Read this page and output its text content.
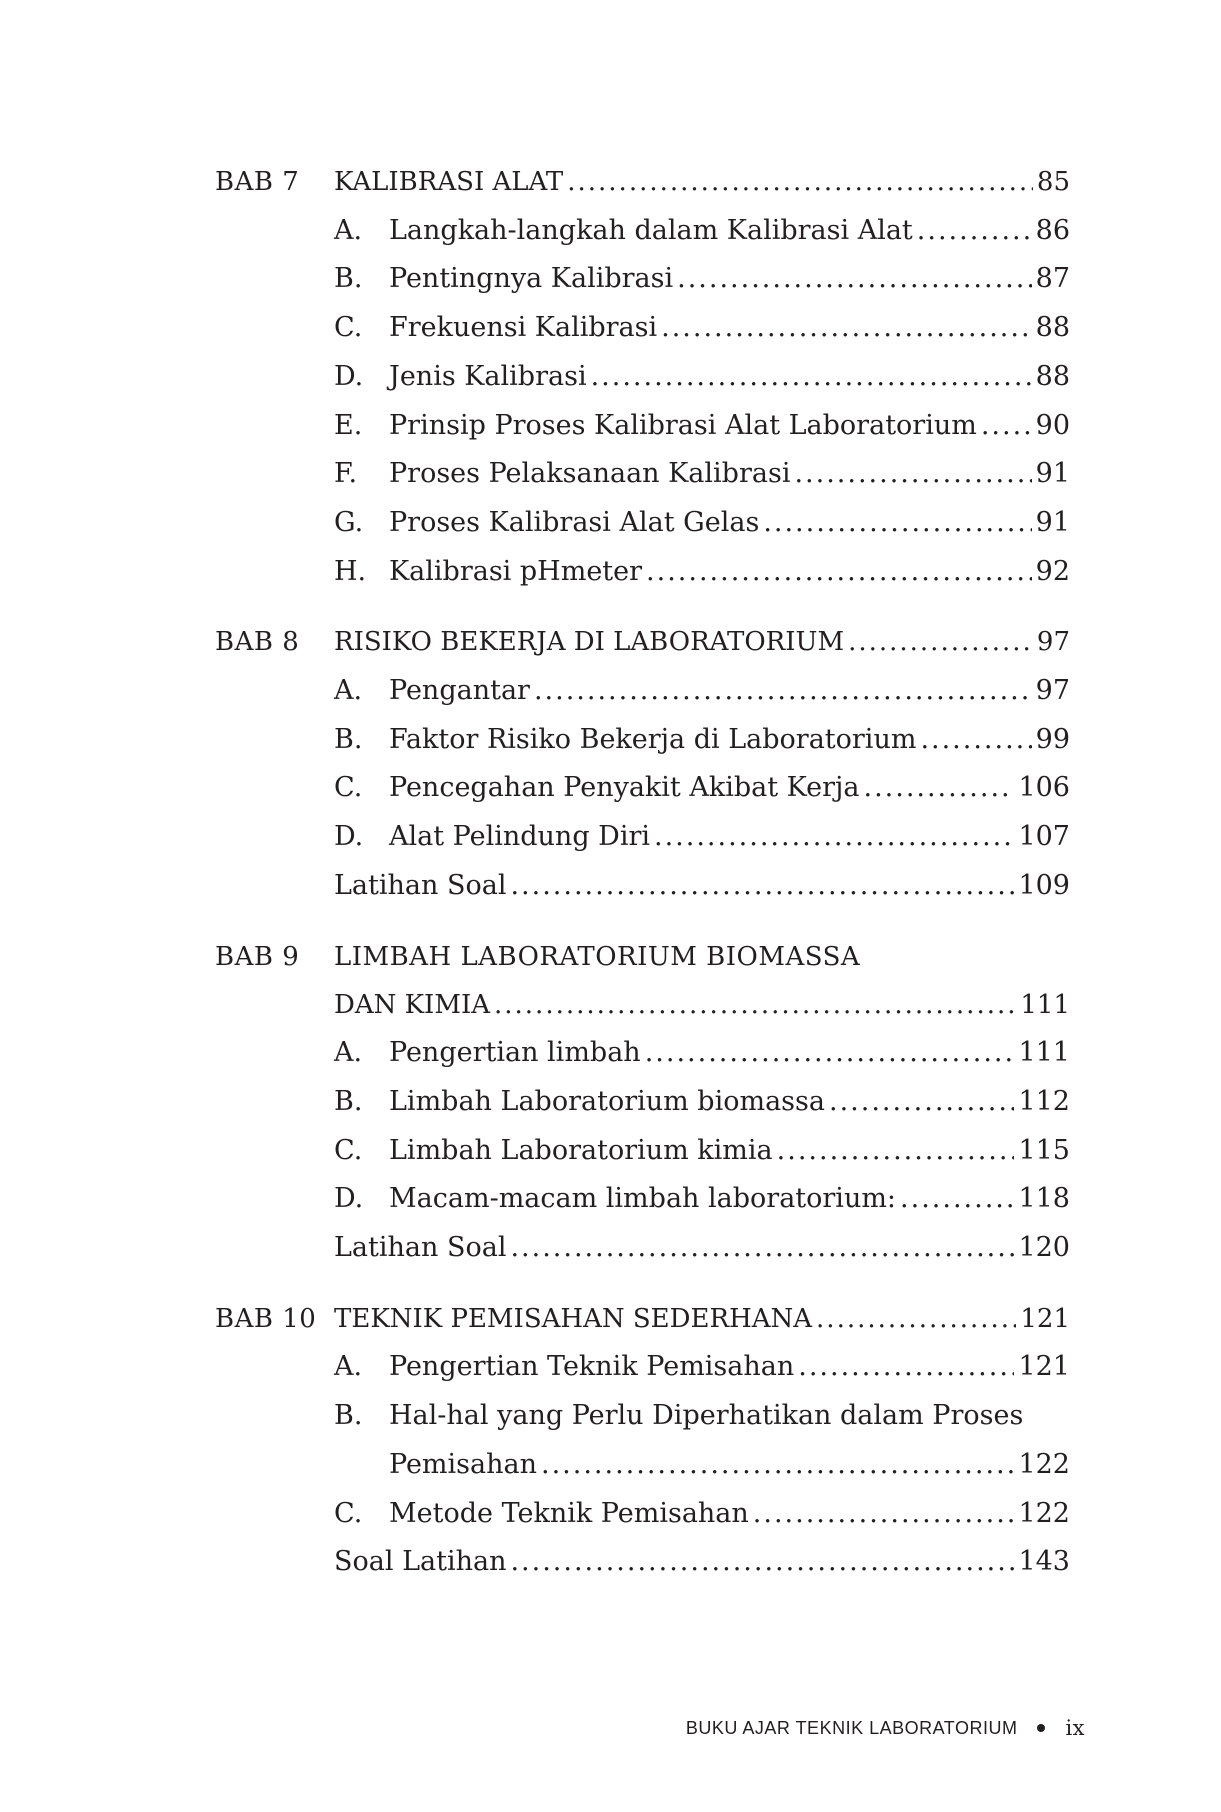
BAB 7 KALIBRASI ALAT .....	85
A. Langkah-langkah dalam Kalibrasi Alat .....	86
B. Pentingnya Kalibrasi .....	87
C. Frekuensi Kalibrasi .....	88
D. Jenis Kalibrasi .....	88
E. Prinsip Proses Kalibrasi Alat Laboratorium ..... 90
F.	Proses Pelaksanaan Kalibrasi .....	91
G. Proses Kalibrasi Alat Gelas .....	91
H. Kalibrasi pHmeter .....	92
BAB 8 RISIKO BEKERJA DI LABORATORIUM .....	97
A. Pengantar .....	97
B. Faktor Risiko Bekerja di Laboratorium .....	99
C. Pencegahan Penyakit Akibat Kerja .....	106
D. Alat Pelindung Diri .....	107
Latihan Soal .....	109
BAB 9 LIMBAH LABORATORIUM BIOMASSA
DAN KIMIA .....	111
A. Pengertian limbah .....	111
B. Limbah Laboratorium biomassa .....	112
C. Limbah Laboratorium kimia .....	115
D. Macam-macam limbah laboratorium: .....	118
Latihan Soal .....	120
BAB 10 TEKNIK PEMISAHAN SEDERHANA .....	121
A. Pengertian Teknik Pemisahan .....	121
B. Hal-hal yang Perlu Diperhatikan dalam Proses
Pemisahan .....	122
C. Metode Teknik Pemisahan .....	122
Soal Latihan .....	143
BUKU AJAR TEKNIK LABORATORIUM ix
